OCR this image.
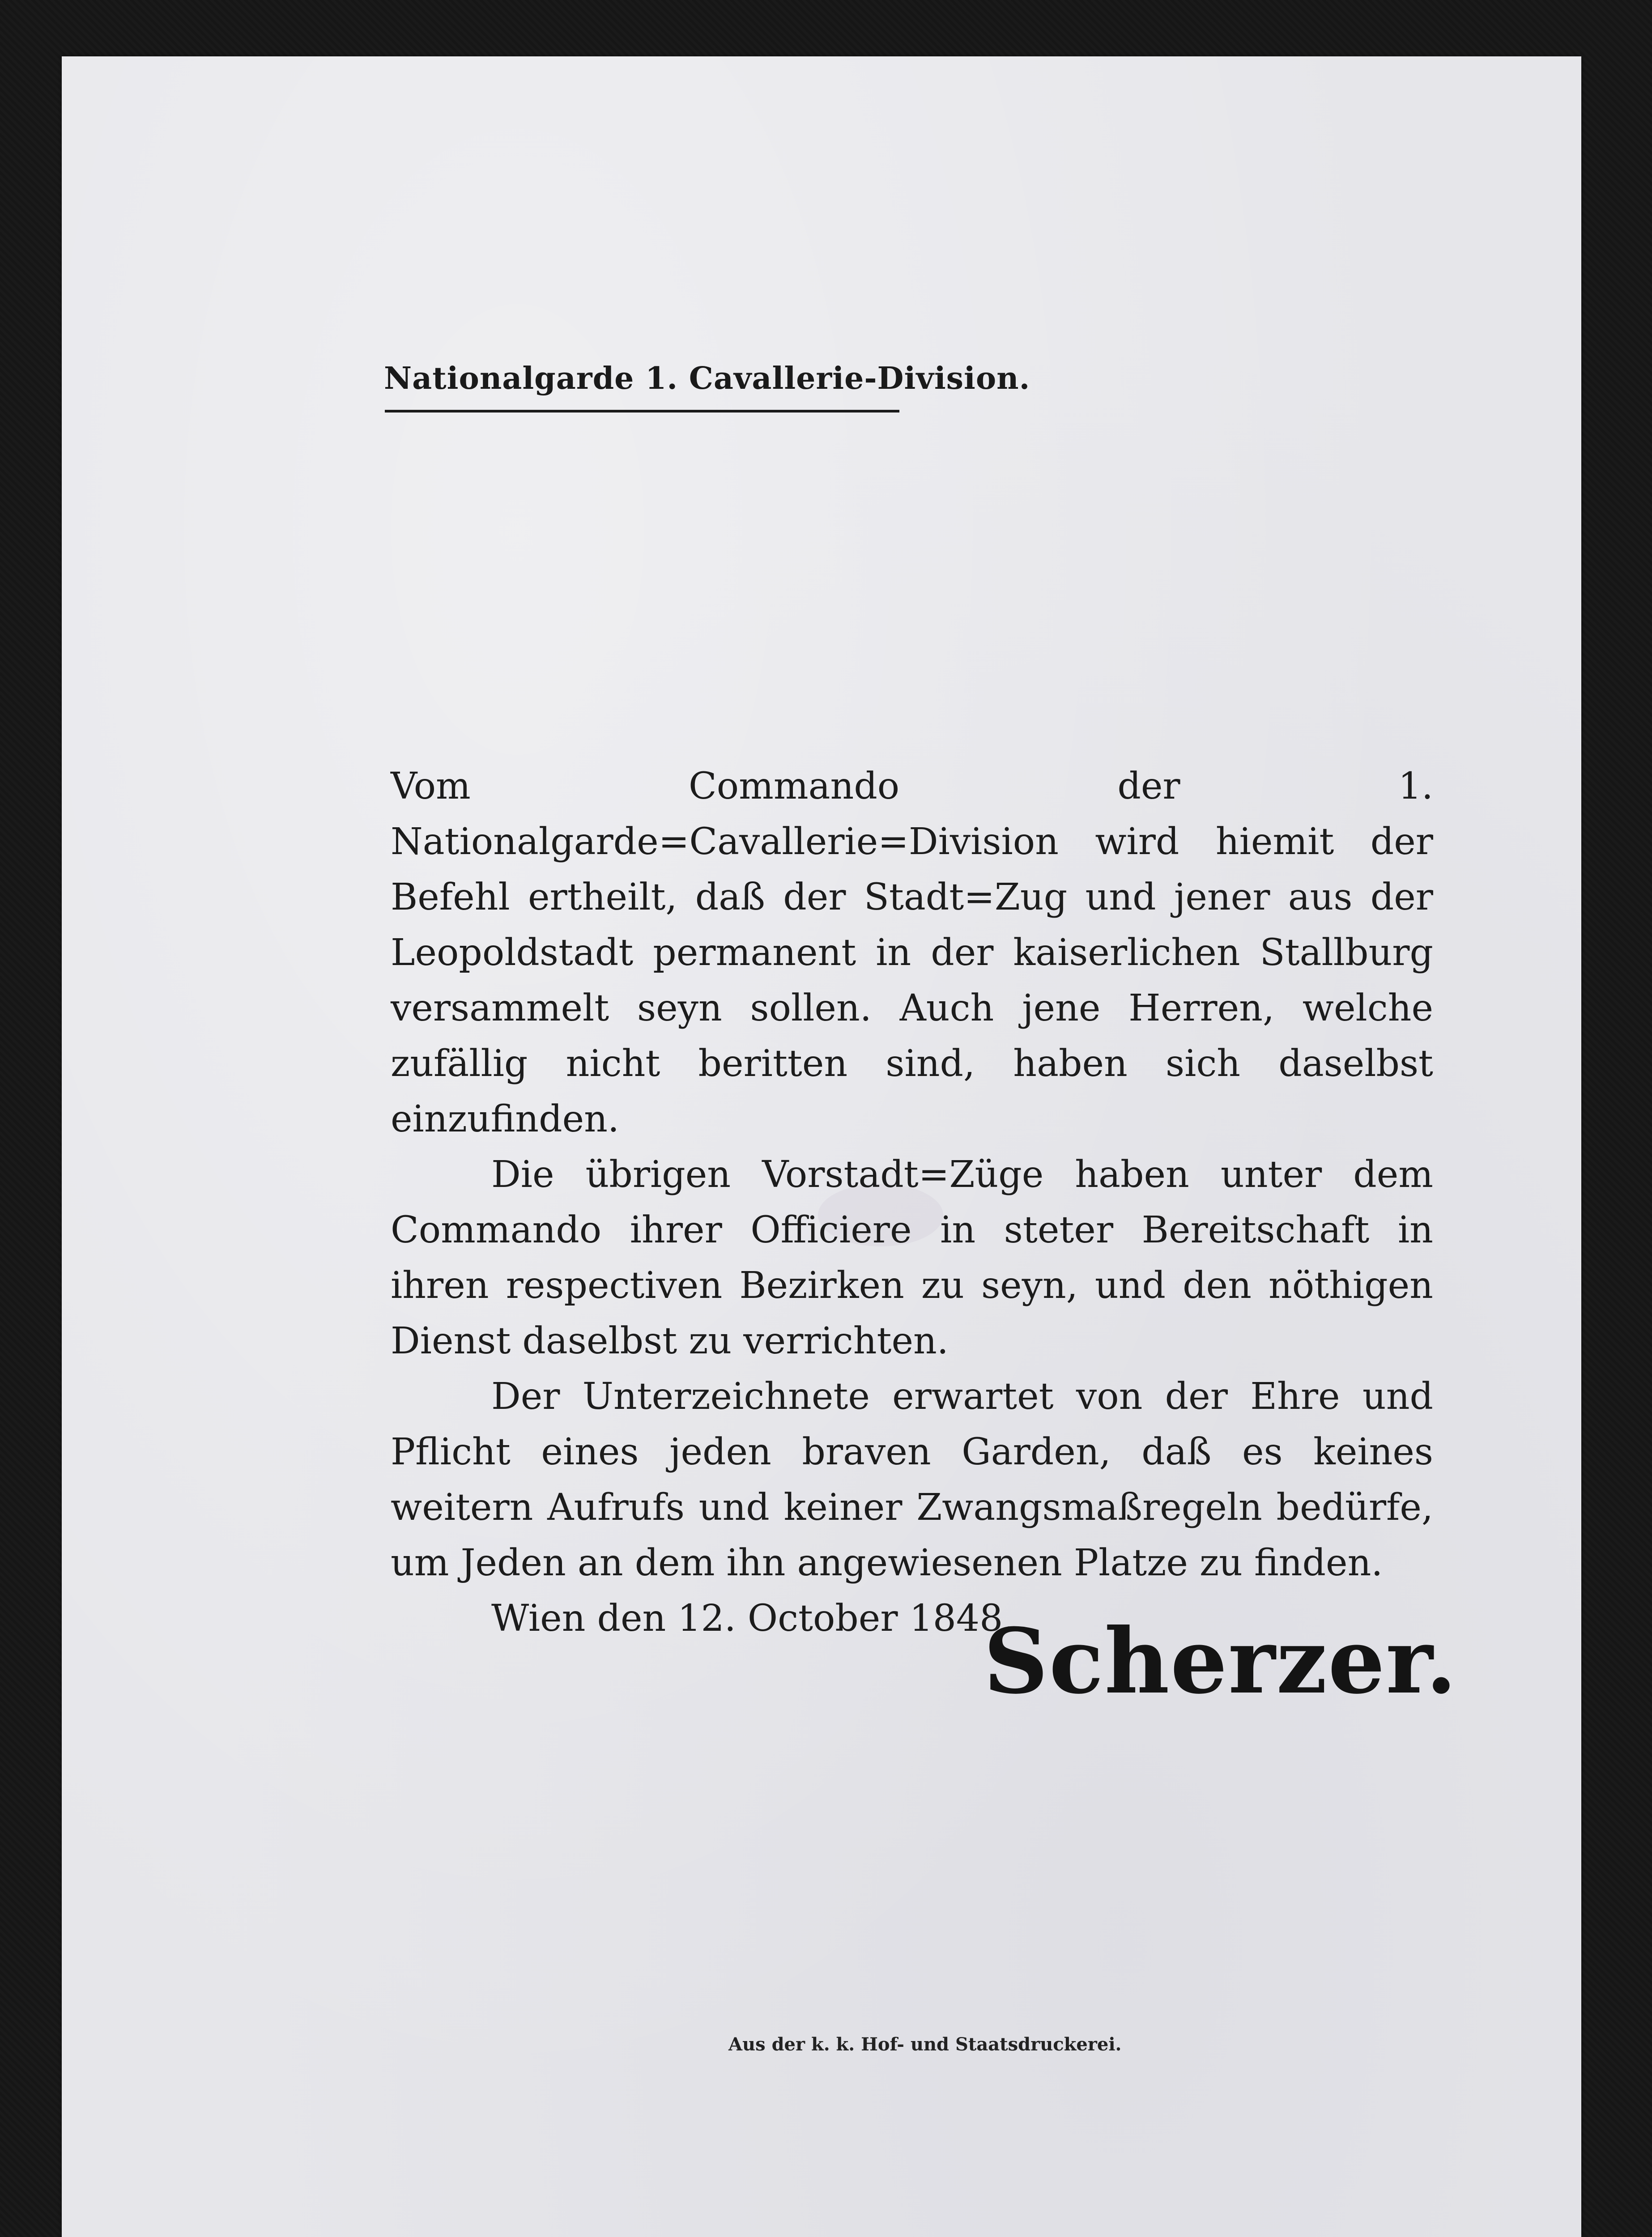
Nationalgarde 1. Cavallerie-Division.

Vom Commando der 1. Nationalgarde=Cavallerie=Division wird hiemit der Befehl ertheilt, daß der Stadt=Zug und jener aus der Leopoldstadt permanent in der kaiserlichen Stallburg versammelt seyn sollen. Auch jene Herren, welche zufällig nicht beritten sind, haben sich daselbst einzufinden.

Die übrigen Vorstadt=Züge haben unter dem Commando ihrer Officiere in steter Bereitschaft in ihren respectiven Bezirken zu seyn, und den nöthigen Dienst daselbst zu verrichten.

Der Unterzeichnete erwartet von der Ehre und Pflicht eines jeden braven Garden, daß es keines weitern Aufrufs und keiner Zwangsmaßregeln bedürfe, um Jeden an dem ihn angewiesenen Platze zu finden.

Wien den 12. October 1848.

Scherzer.
Aus der k. k. Hof- und Staatsdruckerei.
